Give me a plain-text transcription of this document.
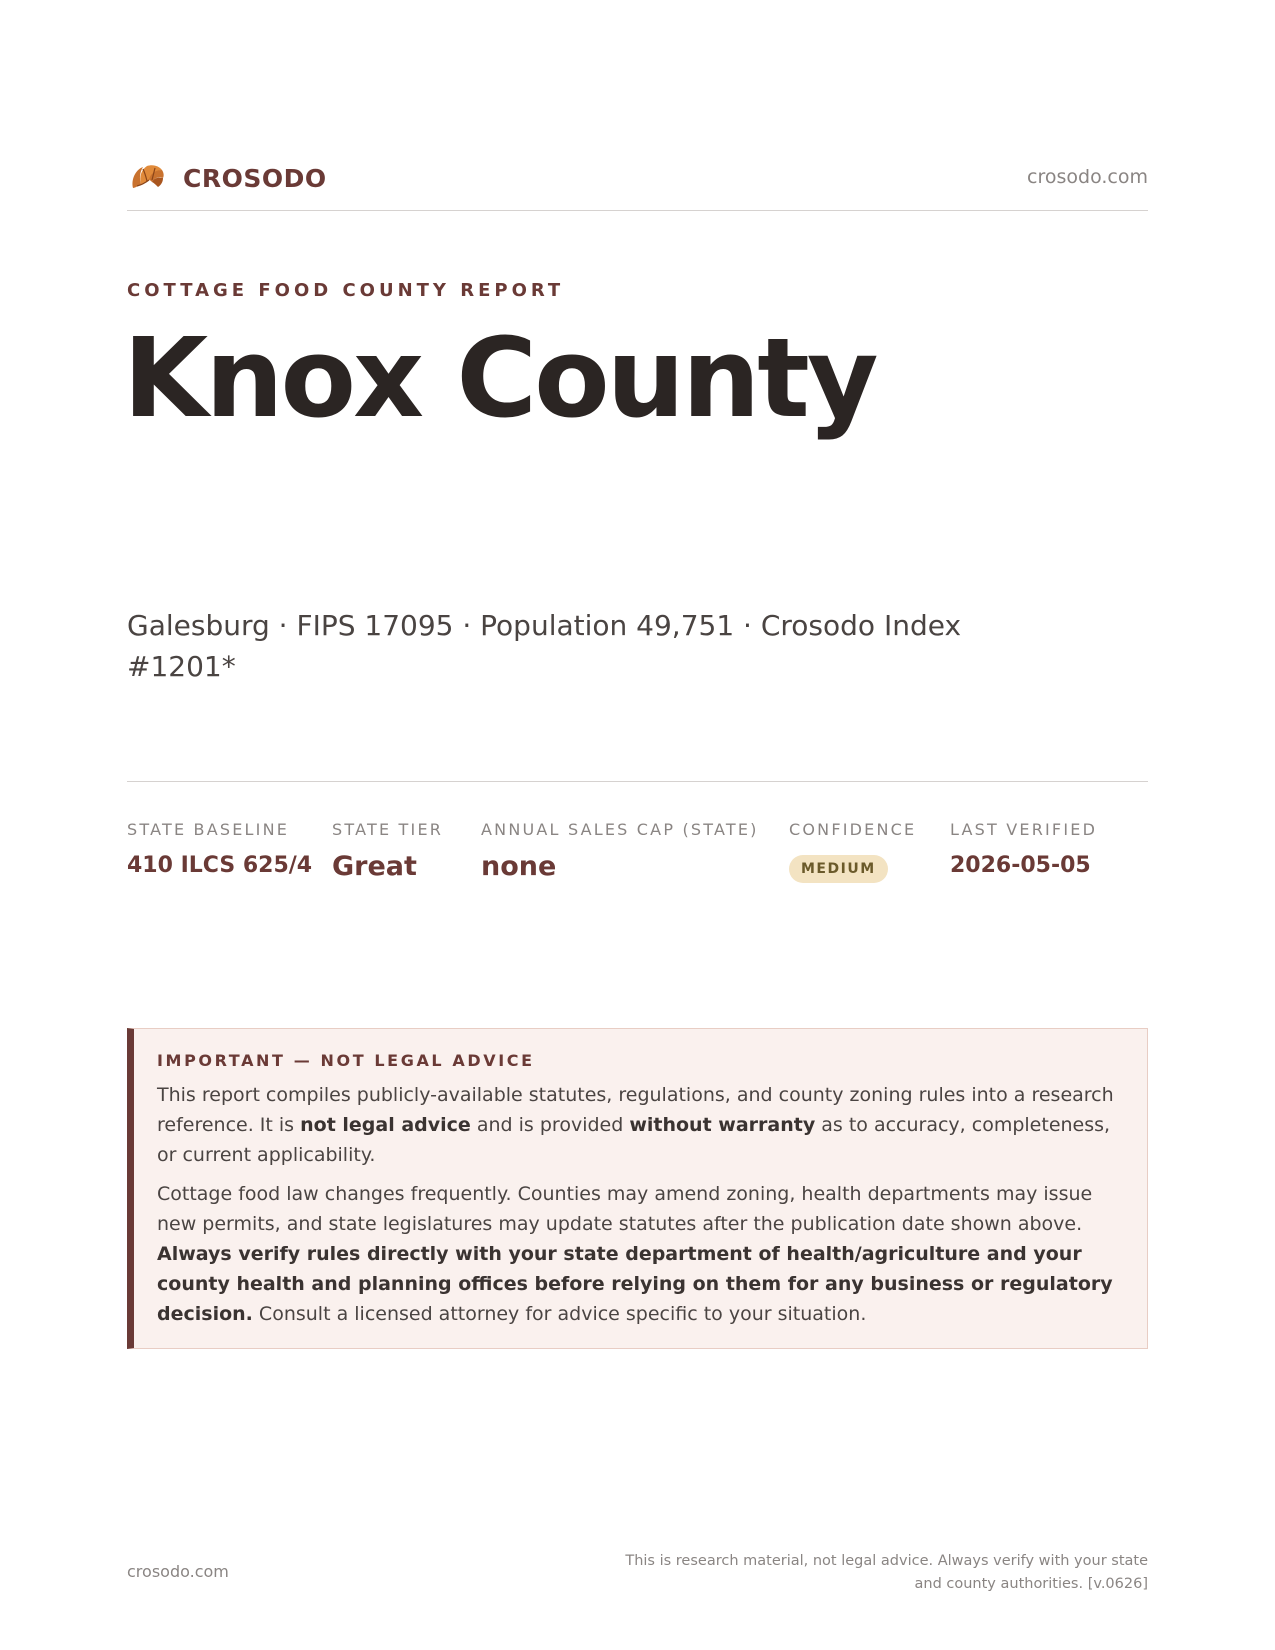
CROSODO	crosodo.com
COTTAGE FOOD COUNTY REPORT
Knox County
Galesburg · FIPS 17095 · Population 49,751 · Crosodo Index #1201*
STATE BASELINE
410 ILCS 625/4
STATE TIER
Great
ANNUAL SALES CAP (STATE)
none
CONFIDENCE
MEDIUM
LAST VERIFIED
2026-05-05
IMPORTANT — NOT LEGAL ADVICE

This report compiles publicly-available statutes, regulations, and county zoning rules into a research reference. It is not legal advice and is provided without warranty as to accuracy, completeness, or current applicability.

Cottage food law changes frequently. Counties may amend zoning, health departments may issue new permits, and state legislatures may update statutes after the publication date shown above. Always verify rules directly with your state department of health/agriculture and your county health and planning offices before relying on them for any business or regulatory decision. Consult a licensed attorney for advice specific to your situation.

crosodo.com
This is research material, not legal advice. Always verify with your state
and county authorities. [v.0626]
